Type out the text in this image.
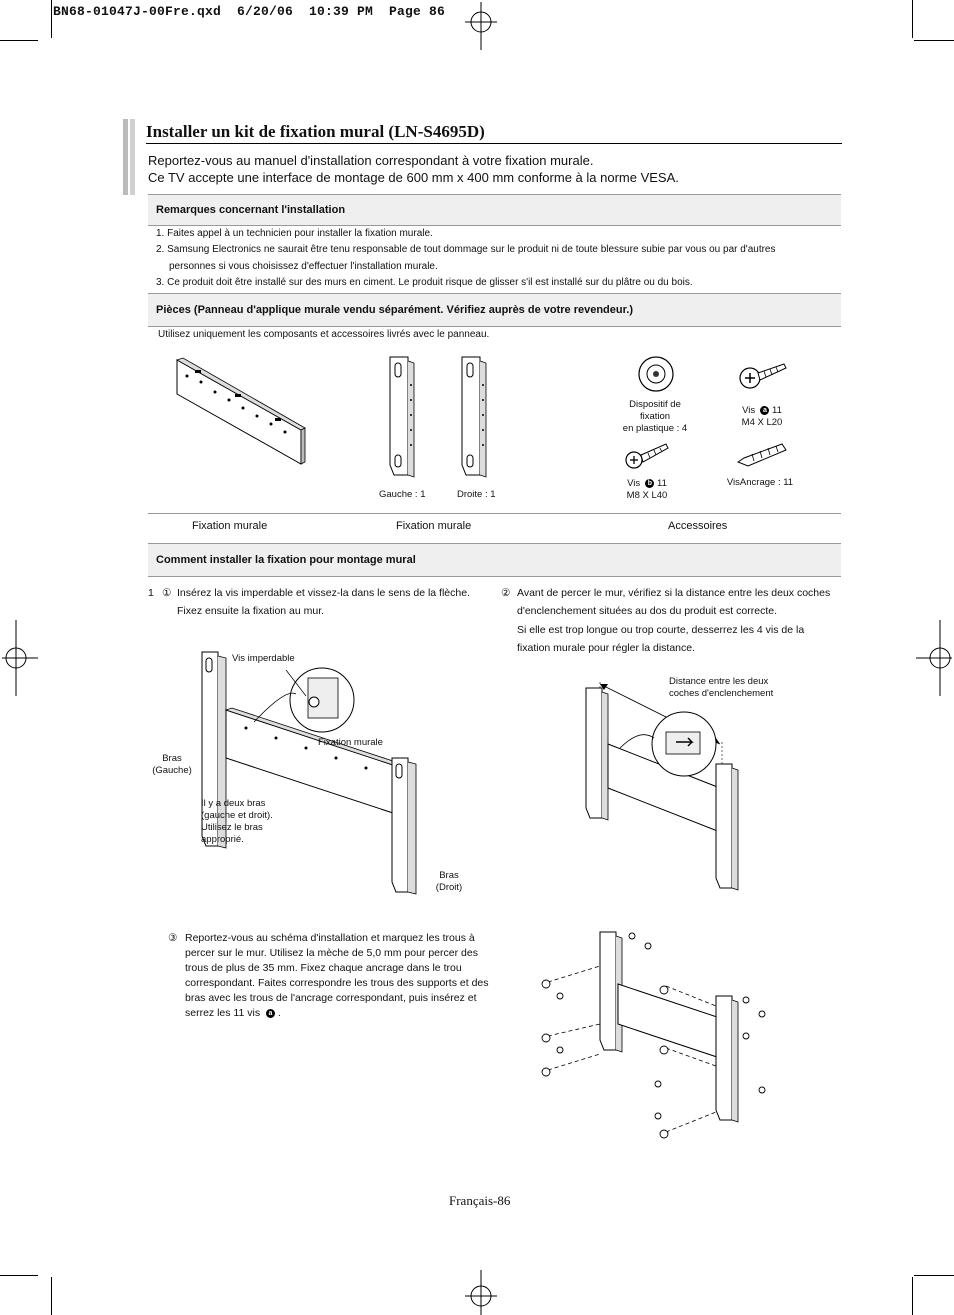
BN68-01047J-00Fre.qxd  6/20/06  10:39 PM  Page 86
Installer un kit de fixation mural (LN-S4695D)
Reportez-vous au manuel d'installation correspondant à votre fixation murale.
Ce TV accepte une interface de montage de 600 mm x 400 mm conforme à la norme VESA.
Remarques concernant l'installation
1. Faites appel à un technicien pour installer la fixation murale.
2. Samsung Electronics ne saurait être tenu responsable de tout dommage sur le produit ni de toute blessure subie par vous ou par d'autres
personnes si vous choisissez d'effectuer l'installation murale.
3. Ce produit doit être installé sur des murs en ciment. Le produit risque de glisser s'il est installé sur du plâtre ou du bois.
Pièces (Panneau d'applique murale vendu séparément. Vérifiez auprès de votre revendeur.)
Utilisez uniquement les composants et accessoires livrés avec le panneau.
Gauche : 1	Droite : 1
Dispositif de
fixation
en plastique : 4
Vis a 11
M4 X L20
Vis b 11
M8 X L40
VisAncrage : 11
Fixation murale	Fixation murale	Accessoires
Comment installer la fixation pour montage mural
1 ① Insérez la vis imperdable et vissez-la dans le sens de la flèche.
Fixez ensuite la fixation au mur.
② Avant de percer le mur, vérifiez si la distance entre les deux coches
d'enclenchement situées au dos du produit est correcte.
Si elle est trop longue ou trop courte, desserrez les 4 vis de la
fixation murale pour régler la distance.
Vis imperdable
Fixation murale
Bras
(Gauche)
Il y a deux bras
(gauche et droit).
Utilisez le bras
approprié.
Bras
(Droit)
Distance entre les deux
coches d'enclenchement
③ Reportez-vous au schéma d'installation et marquez les trous à
percer sur le mur. Utilisez la mèche de 5,0 mm pour percer des
trous de plus de 35 mm. Fixez chaque ancrage dans le trou
correspondant. Faites correspondre les trous des supports et des
bras avec les trous de l'ancrage correspondant, puis insérez et
serrez les 11 vis a .
Français-86
